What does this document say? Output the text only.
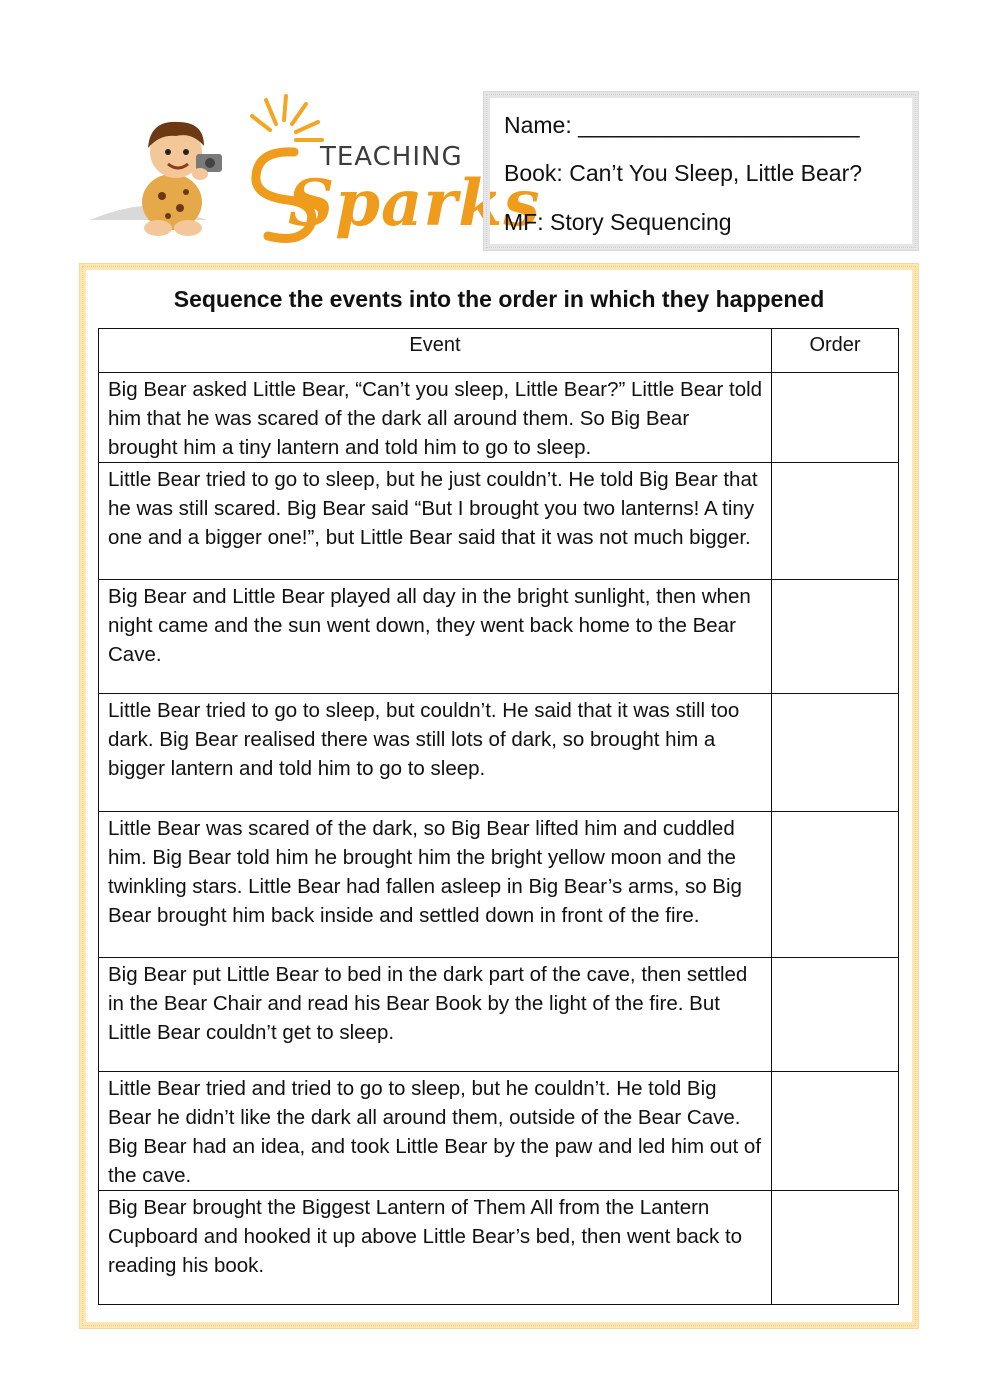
TEACHING
Sparks
Name: ______________________
Book: Can’t You Sleep, Little Bear?
MF: Story Sequencing
Sequence the events into the order in which they happened
Event	Order
Big Bear asked Little Bear, “Can’t you sleep, Little Bear?” Little Bear told him that he was scared of the dark all around them. So Big Bear brought him a tiny lantern and told him to go to sleep.	
Little Bear tried to go to sleep, but he just couldn’t. He told Big Bear that he was still scared. Big Bear said “But I brought you two lanterns! A tiny one and a bigger one!”, but Little Bear said that it was not much bigger.	
Big Bear and Little Bear played all day in the bright sunlight, then when night came and the sun went down, they went back home to the Bear Cave.	
Little Bear tried to go to sleep, but couldn’t. He said that it was still too dark. Big Bear realised there was still lots of dark, so brought him a bigger lantern and told him to go to sleep.	
Little Bear was scared of the dark, so Big Bear lifted him and cuddled him. Big Bear told him he brought him the bright yellow moon and the twinkling stars. Little Bear had fallen asleep in Big Bear’s arms, so Big Bear brought him back inside and settled down in front of the fire.	
Big Bear put Little Bear to bed in the dark part of the cave, then settled in the Bear Chair and read his Bear Book by the light of the fire. But Little Bear couldn’t get to sleep.	
Little Bear tried and tried to go to sleep, but he couldn’t. He told Big Bear he didn’t like the dark all around them, outside of the Bear Cave. Big Bear had an idea, and took Little Bear by the paw and led him out of the cave.	
Big Bear brought the Biggest Lantern of Them All from the Lantern Cupboard and hooked it up above Little Bear’s bed, then went back to reading his book.	
